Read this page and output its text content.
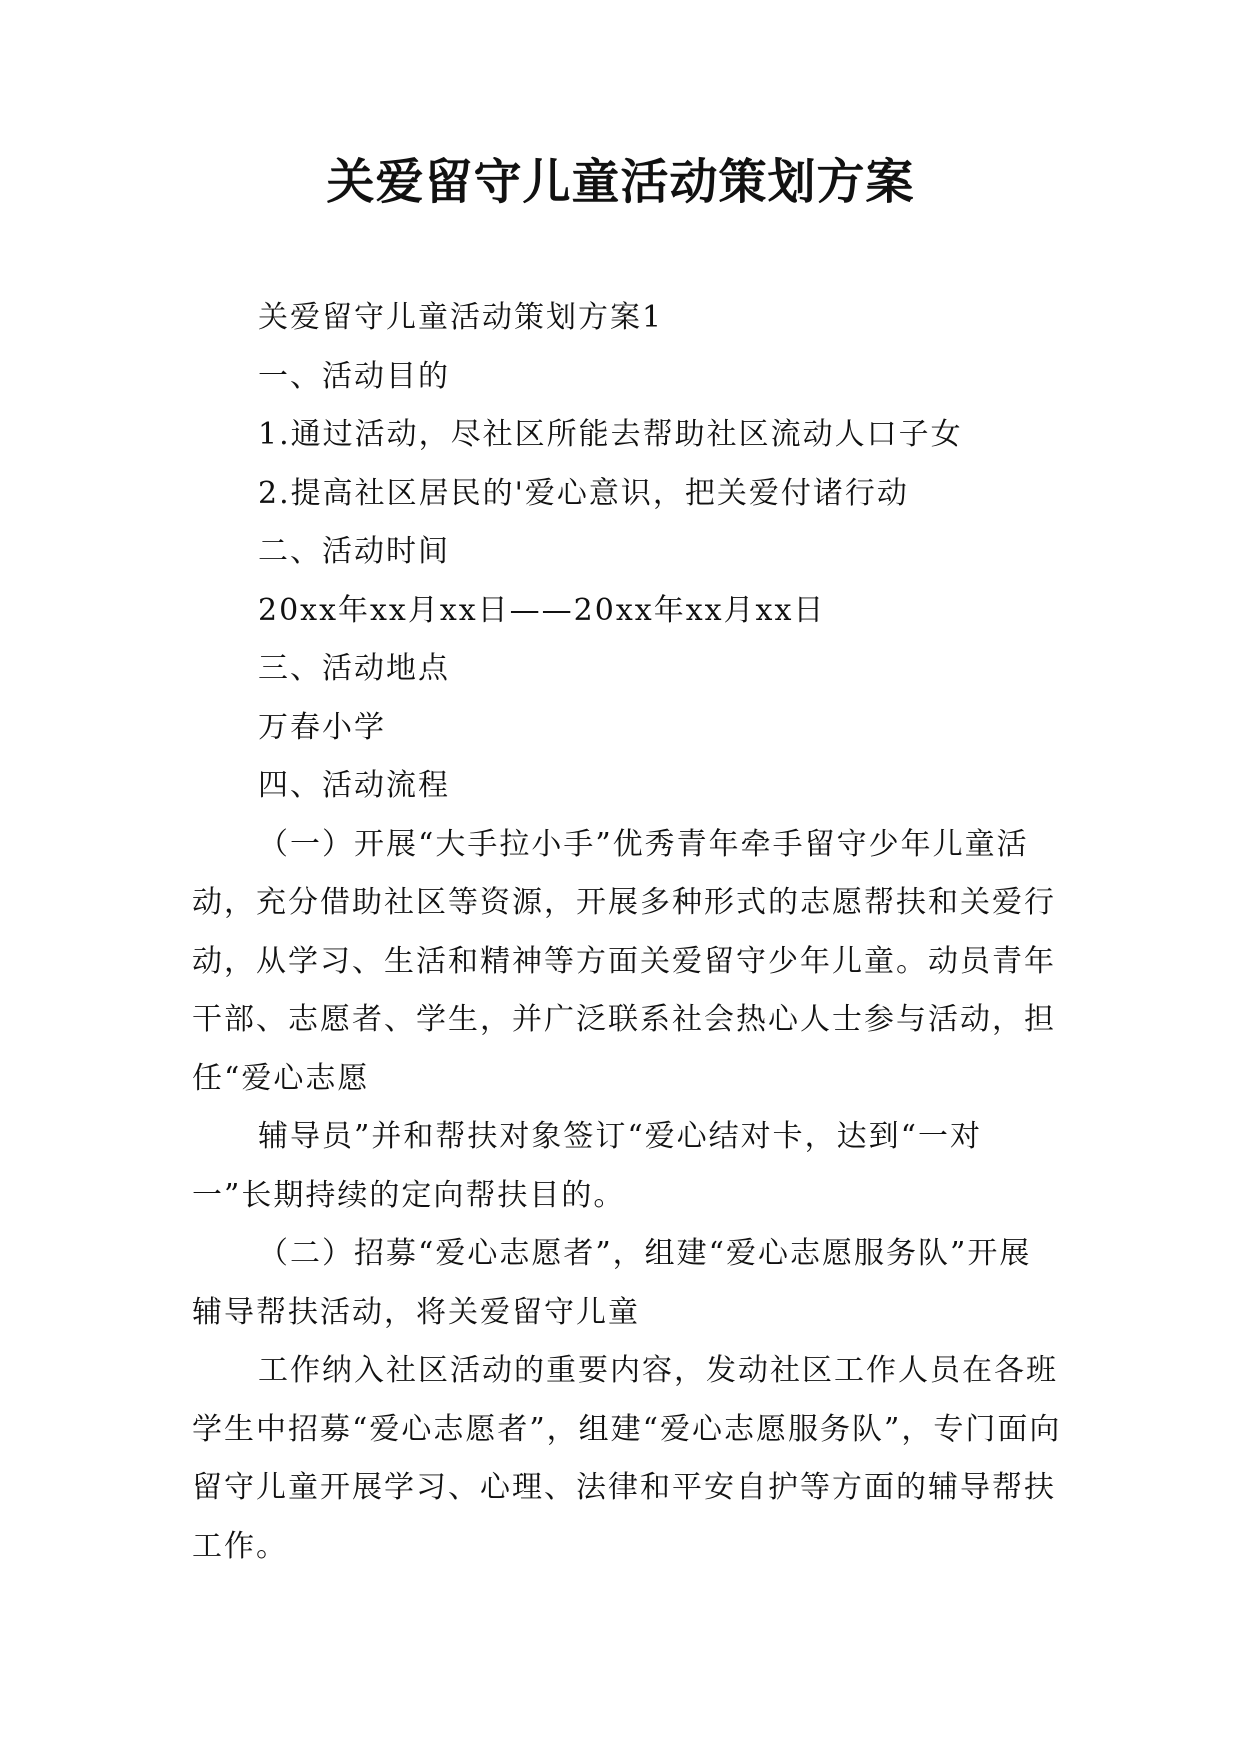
关爱留守儿童活动策划方案

关爱留守儿童活动策划方案1

一、活动目的

1.通过活动，尽社区所能去帮助社区流动人口子女

2.提高社区居民的'爱心意识，把关爱付诸行动

二、活动时间

20xx年xx月xx日——20xx年xx月xx日

三、活动地点

万春小学

四、活动流程

（一）开展“大手拉小手”优秀青年牵手留守少年儿童活动，充分借助社区等资源，开展多种形式的志愿帮扶和关爱行动，从学习、生活和精神等方面关爱留守少年儿童。动员青年干部、志愿者、学生，并广泛联系社会热心人士参与活动，担任“爱心志愿

辅导员”并和帮扶对象签订“爱心结对卡，达到“一对一”长期持续的定向帮扶目的。

（二）招募“爱心志愿者”，组建“爱心志愿服务队”开展辅导帮扶活动，将关爱留守儿童

工作纳入社区活动的重要内容，发动社区工作人员在各班学生中招募“爱心志愿者”，组建“爱心志愿服务队”，专门面向留守儿童开展学习、心理、法律和平安自护等方面的辅导帮扶工作。
